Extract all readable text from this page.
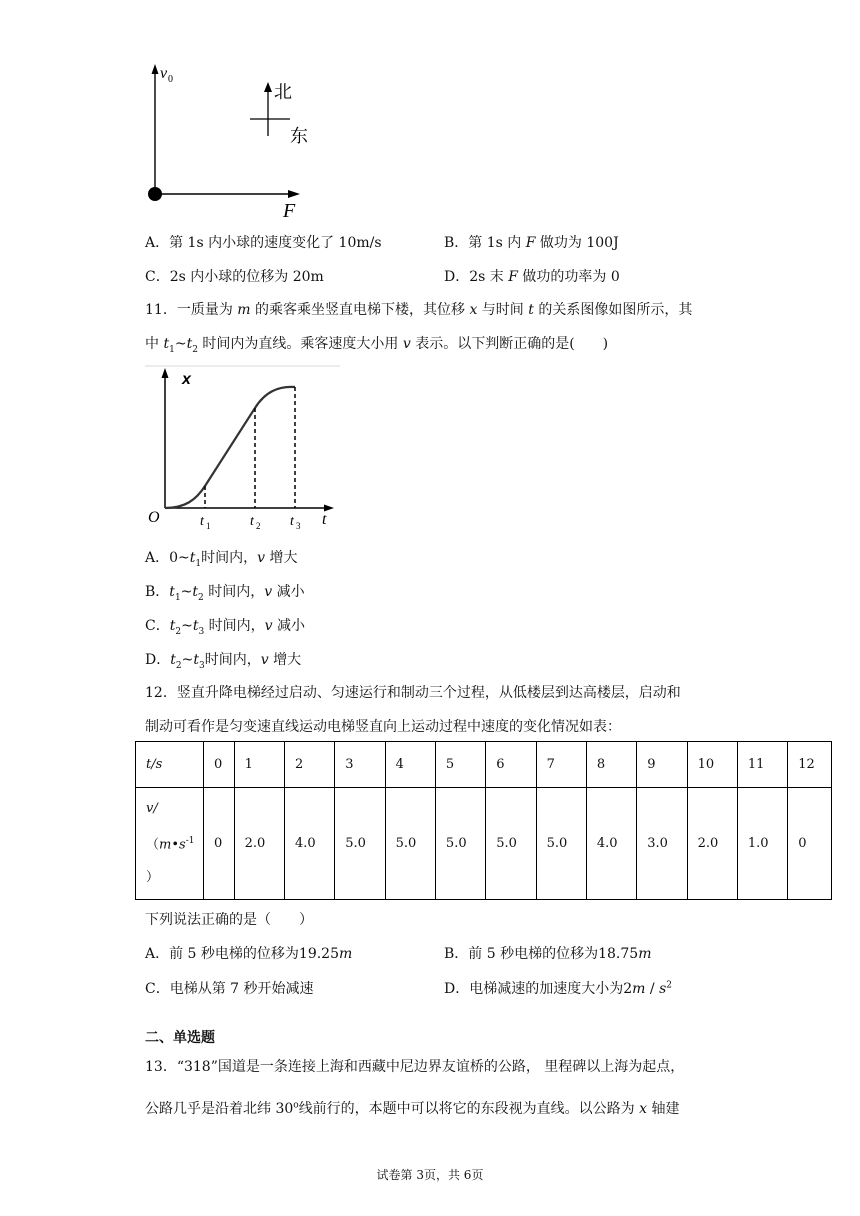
v 0
北
东
F
A．第 1s 内小球的速度变化了 10m/s	B．第 1s 内 F 做功为 100J
C．2s 内小球的位移为 20m	D．2s 末 F 做功的功率为 0
11．一质量为 m 的乘客乘坐竖直电梯下楼，其位移 x 与时间 t 的关系图像如图所示，其
中 $t_1\sim t_2$ 时间内为直线。乘客速度大小用 v 表示。以下判断正确的是(　　)
x
t
O	t 1	t 2 t 3
A．$0\sim t_1$时间内，v 增大
B．$t_1\sim t_2$ 时间内，v 减小
C．$t_2\sim t_3$ 时间内，v 减小
D．$t_2\sim t_3$时间内，v 增大
12．竖直升降电梯经过启动、匀速运行和制动三个过程，从低楼层到达高楼层，启动和
制动可看作是匀变速直线运动电梯竖直向上运动过程中速度的变化情况如表：
t/s	0	1	2	3	4	5	6	7	8	9	10	11	12
v/
（$m•s^{-1}$
）	0	2.0	4.0	5.0	5.0	5.0	5.0	5.0	4.0	3.0	2.0	1.0	0
下列说法正确的是（　　）
A．前 5 秒电梯的位移为19.25m	B．前 5 秒电梯的位移为18.75m
C．电梯从第 7 秒开始减速	D．电梯减速的加速度大小为$2m / s^2$
二、单选题
13．“318”国道是一条连接上海和西藏中尼边界友谊桥的公路， 里程碑以上海为起点，
公路几乎是沿着北纬 30$^o$线前行的，本题中可以将它的东段视为直线。以公路为 x 轴建
试卷第 3页，共 6页
